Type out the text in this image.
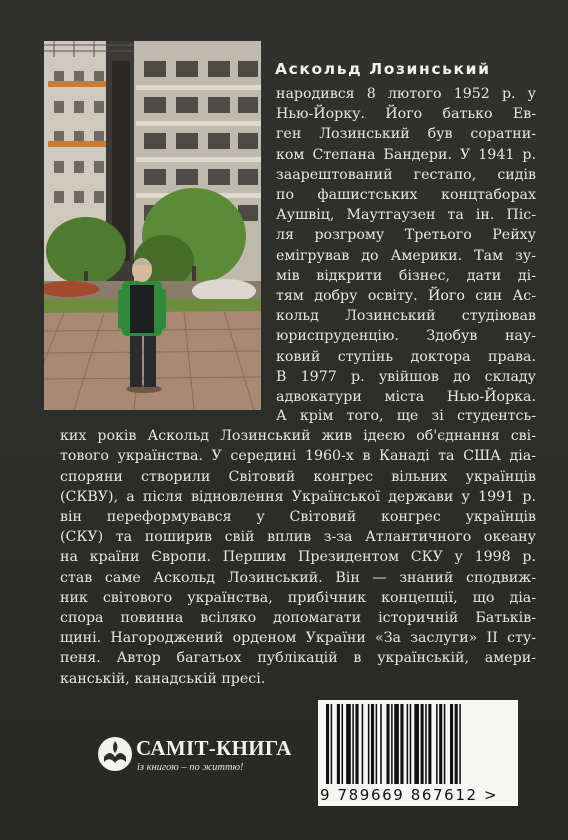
Аскольд Лозинський
народився 8 лютого 1952 р. у
Нью-Йорку. Його батько Ев-
ген Лозинський був соратни-
ком Степана Бандери. У 1941 р.
заарештований гестапо, сидів
по фашистських концтаборах
Аушвіц, Маутгаузен та ін. Піс-
ля розгрому Третього Рейху
емігрував до Америки. Там зу-
мів відкрити бізнес, дати ді-
тям добру освіту. Його син Ас-
кольд Лозинський студіював
юриспруденцію. Здобув нау-
ковий ступінь доктора права.
В 1977 р. увійшов до складу
адвокатури міста Нью-Йорка.
А крім того, ще зі студентсь-
ких років Аскольд Лозинський жив ідеєю об'єднання сві-
тового українства. У середині 1960-х в Канаді та США діа-
споряни створили Світовий конгрес вільних українців
(СКВУ), а після відновлення Української держави у 1991 р.
він переформувався у Світовий конгрес українців
(СКУ) та поширив свій вплив з-за Атлантичного океану
на країни Європи. Першим Президентом СКУ у 1998 р.
став саме Аскольд Лозинський. Він — знаний сподвиж-
ник світового українства, прибічник концепції, що діа-
спора повинна всіляко допомагати історичній Батьків-
щині. Нагороджений орденом України «За заслуги» ІІ сту-
пеня. Автор багатьох публікацій в українській, амери-
канській, канадській пресі.
САМІТ-КНИГА
із книгою – по життю!
9 789669 867612 >
